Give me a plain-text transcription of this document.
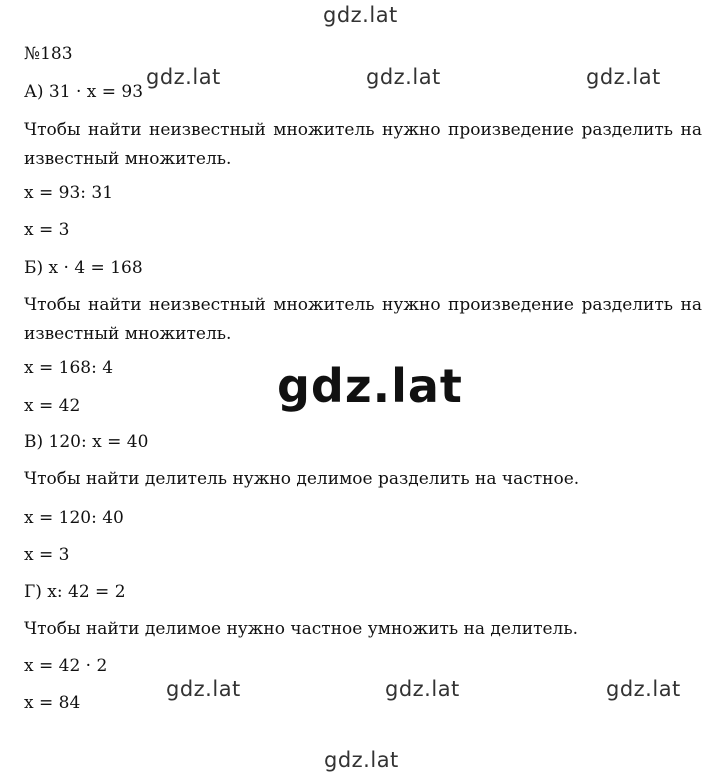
gdz.lat
gdz.lat	gdz.lat	gdz.lat
gdz.lat
gdz.lat	gdz.lat	gdz.lat
gdz.lat
№183
А) 31 · x = 93
Чтобы найти неизвестный множитель нужно произведение разделить на известный множитель.
x = 93: 31
x = 3
Б) x · 4 = 168
Чтобы найти неизвестный множитель нужно произведение разделить на известный множитель.
x = 168: 4
x = 42
В) 120: x = 40
Чтобы найти делитель нужно делимое разделить на частное.
x = 120: 40
x = 3
Г) x: 42 = 2
Чтобы найти делимое нужно частное умножить на делитель.
x = 42 · 2
x = 84
